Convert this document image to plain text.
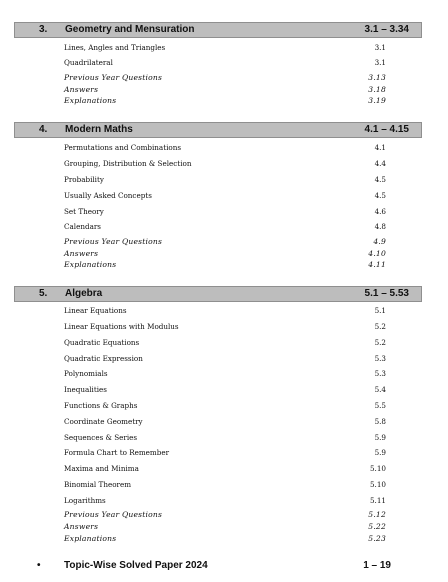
3. Geometry and Mensuration	3.1 – 3.34
Lines, Angles and Triangles	3.1
Quadrilateral	3.1
Previous Year Questions	3.13
Answers	3.18
Explanations	3.19
4. Modern Maths	4.1 – 4.15
Permutations and Combinations	4.1
Grouping, Distribution & Selection	4.4
Probability	4.5
Usually Asked Concepts	4.5
Set Theory	4.6
Calendars	4.8
Previous Year Questions	4.9
Answers	4.10
Explanations	4.11
5. Algebra	5.1 – 5.53
Linear Equations	5.1
Linear Equations with Modulus	5.2
Quadratic Equations	5.2
Quadratic Expression	5.3
Polynomials	5.3
Inequalities	5.4
Functions & Graphs	5.5
Coordinate Geometry	5.8
Sequences & Series	5.9
Formula Chart to Remember	5.9
Maxima and Minima	5.10
Binomial Theorem	5.10
Logarithms	5.11
Previous Year Questions	5.12
Answers	5.22
Explanations	5.23
• Topic-Wise Solved Paper 2024	1 – 19
